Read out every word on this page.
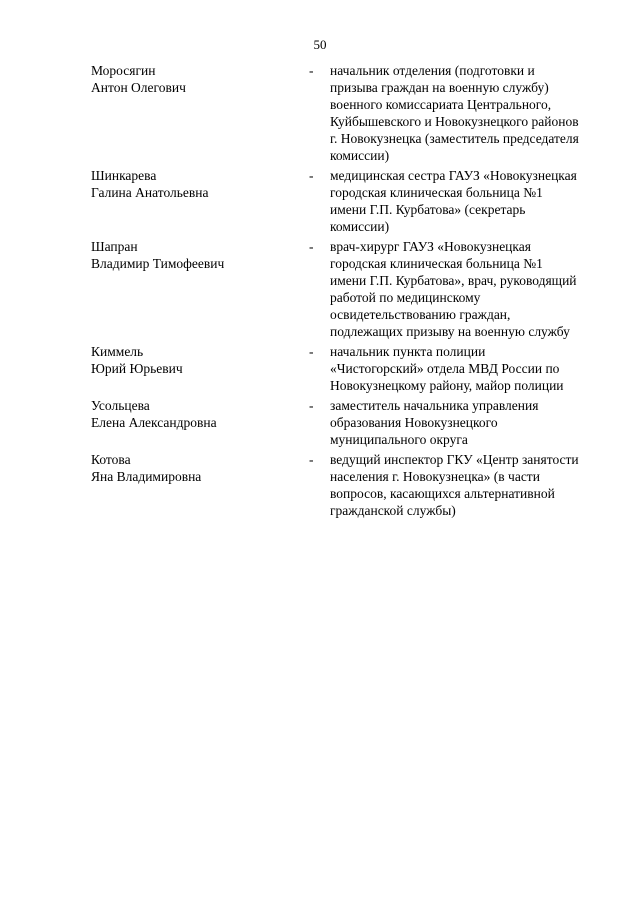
50
Моросягин
Антон Олегович
-	начальник отделения (подготовки и призыва граждан на военную службу) военного комиссариата Центрального, Куйбышевского и Новокузнецкого районов г. Новокузнецка (заместитель председателя комиссии)
Шинкарева
Галина Анатольевна
-	медицинская сестра ГАУЗ «Новокузнецкая городская клиническая больница №1 имени Г.П. Курбатова» (секретарь комиссии)
Шапран
Владимир Тимофеевич
-	врач-хирург ГАУЗ «Новокузнецкая городская клиническая больница №1 имени Г.П. Курбатова», врач, руководящий работой по медицинскому освидетельствованию граждан, подлежащих призыву на военную службу
Киммель
Юрий Юрьевич
-	начальник пункта полиции «Чистогорский» отдела МВД России по Новокузнецкому району, майор полиции
Усольцева
Елена Александровна
-	заместитель начальника управления образования Новокузнецкого муниципального округа
Котова
Яна Владимировна
-	ведущий инспектор ГКУ «Центр занятости населения г. Новокузнецка» (в части вопросов, касающихся альтернативной гражданской службы)
